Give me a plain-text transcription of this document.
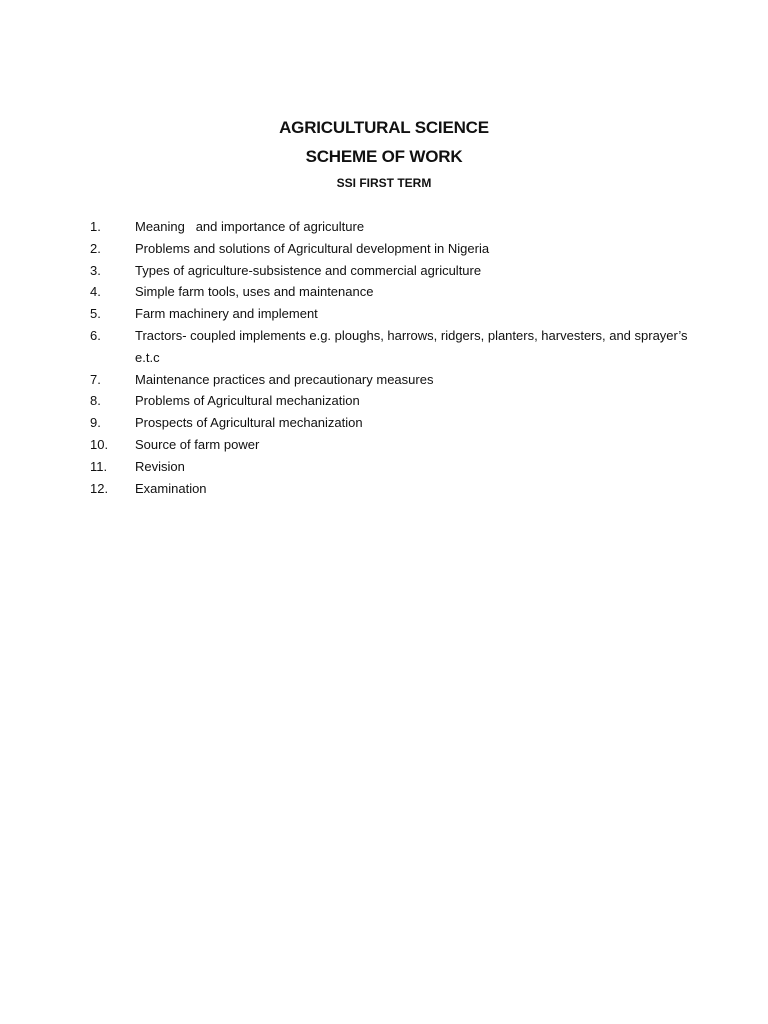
AGRICULTURAL SCIENCE
SCHEME OF WORK
SSI FIRST TERM
1.	Meaning   and importance of agriculture
2.	Problems and solutions of Agricultural development in Nigeria
3.	Types of agriculture-subsistence and commercial agriculture
4.	Simple farm tools, uses and maintenance
5.	Farm machinery and implement
6.	Tractors- coupled implements e.g. ploughs, harrows, ridgers, planters, harvesters, and sprayer’s e.t.c
7.	Maintenance practices and precautionary measures
8.	Problems of Agricultural mechanization
9.	Prospects of Agricultural mechanization
10.	Source of farm power
11.	Revision
12.	Examination
